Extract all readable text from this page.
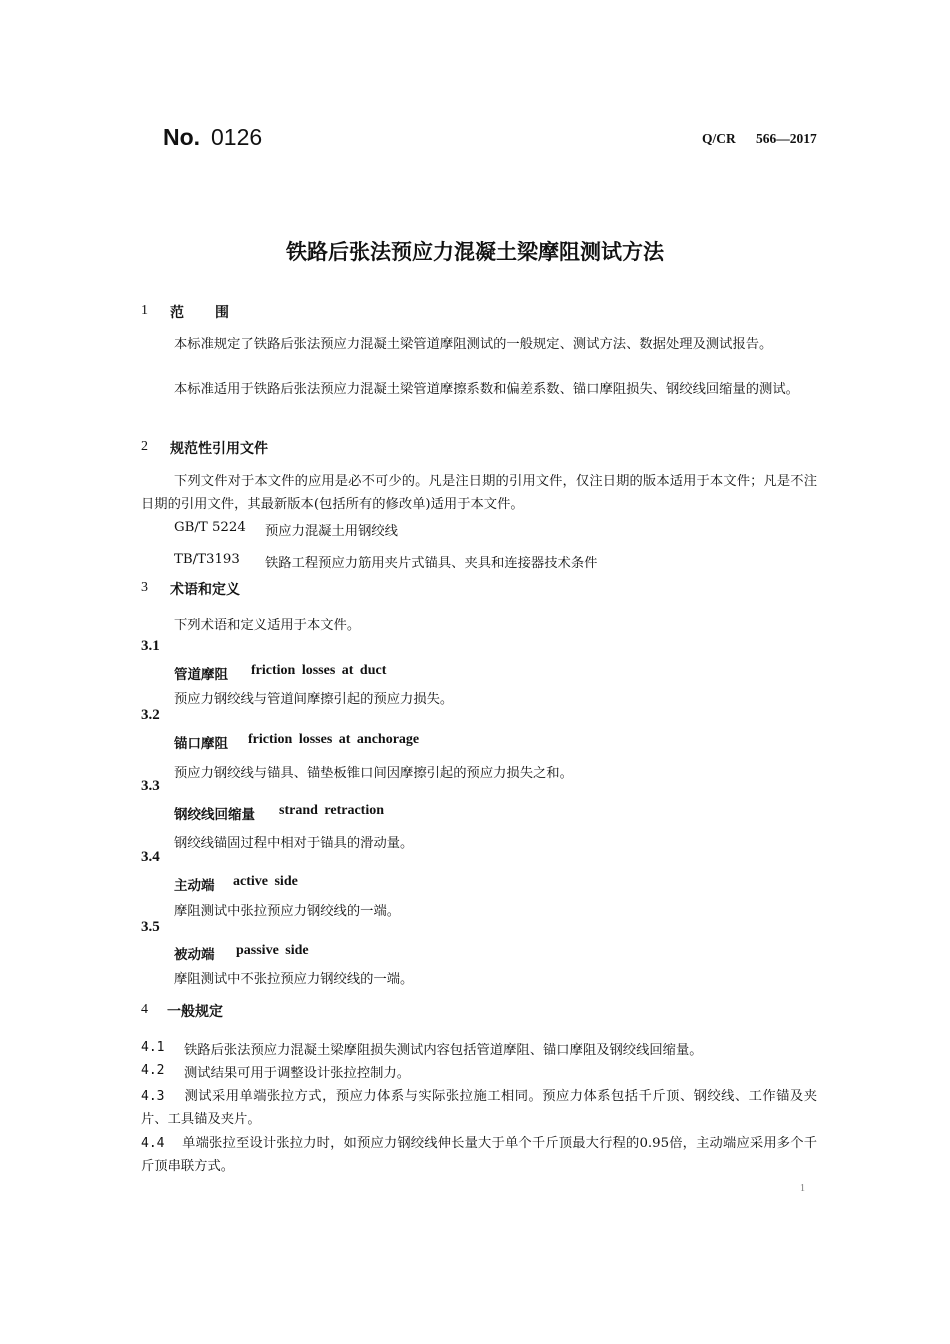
No. 0126	Q/CR 566—2017
铁路后张法预应力混凝土梁摩阻测试方法
1 范　　围
本标准规定了铁路后张法预应力混凝土梁管道摩阻测试的一般规定、测试方法、数据处理及测试报告。
本标准适用于铁路后张法预应力混凝土梁管道摩擦系数和偏差系数、锚口摩阻损失、钢绞线回缩量的测试。
2 规范性引用文件
下列文件对于本文件的应用是必不可少的。凡是注日期的引用文件，仅注日期的版本适用于本文件；凡是不注日期的引用文件，其最新版本(包括所有的修改单)适用于本文件。
GB/T 5224 预应力混凝土用钢绞线
TB/T3193 铁路工程预应力筋用夹片式锚具、夹具和连接器技术条件
3 术语和定义
下列术语和定义适用于本文件。
3.1
管道摩阻 friction losses at duct
预应力钢绞线与管道间摩擦引起的预应力损失。
3.2
锚口摩阻 friction losses at anchorage
预应力钢绞线与锚具、锚垫板锥口间因摩擦引起的预应力损失之和。
3.3
钢绞线回缩量 strand retraction
钢绞线锚固过程中相对于锚具的滑动量。
3.4
主动端 active side
摩阻测试中张拉预应力钢绞线的一端。
3.5
被动端 passive side
摩阻测试中不张拉预应力钢绞线的一端。
4 一般规定
4.1 铁路后张法预应力混凝土梁摩阻损失测试内容包括管道摩阻、锚口摩阻及钢绞线回缩量。
4.2 测试结果可用于调整设计张拉控制力。
4.3 测试采用单端张拉方式，预应力体系与实际张拉施工相同。预应力体系包括千斤顶、钢绞线、工作锚及夹片、工具锚及夹片。
4.4 单端张拉至设计张拉力时，如预应力钢绞线伸长量大于单个千斤顶最大行程的0.95倍，主动端应采用多个千斤顶串联方式。
1
